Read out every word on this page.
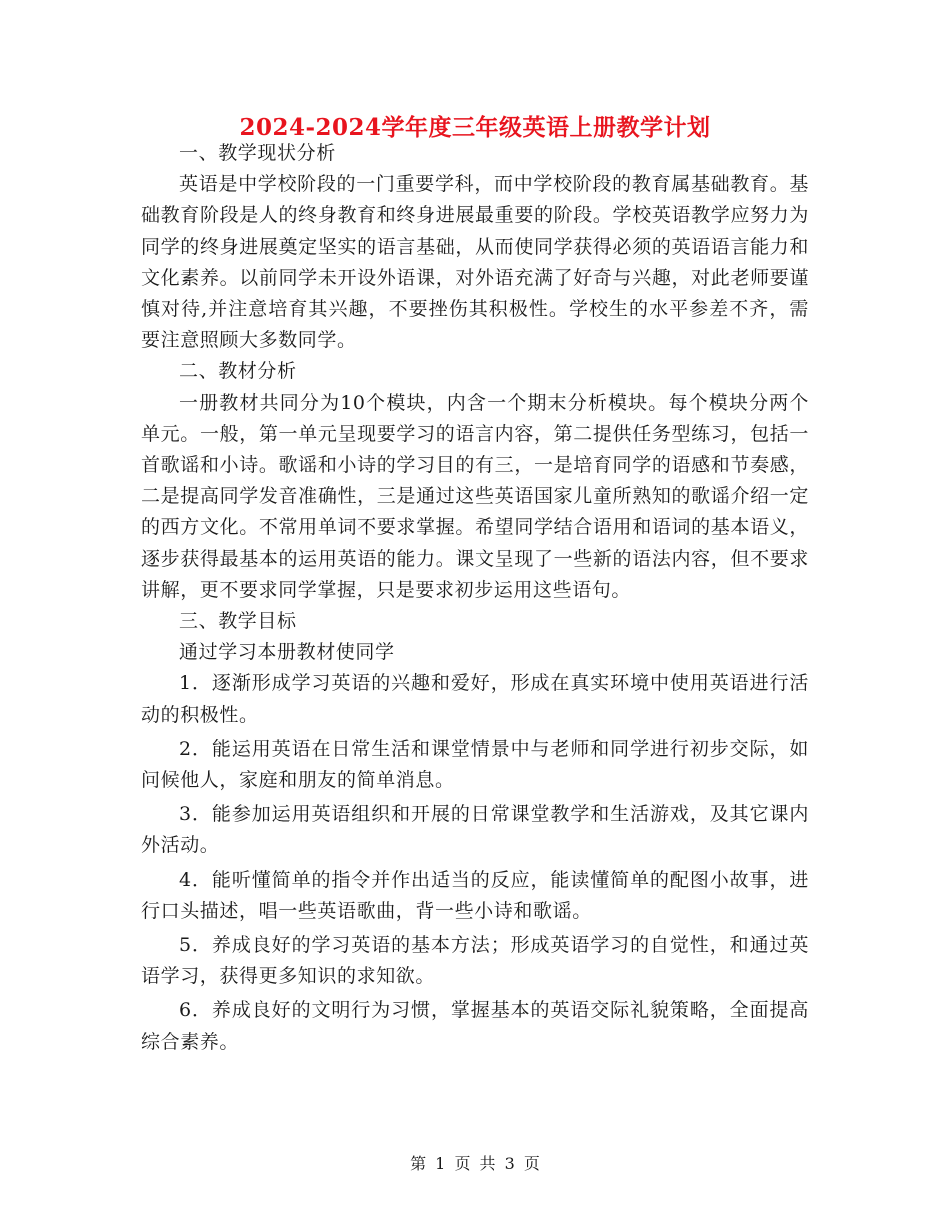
2024-2024学年度三年级英语上册教学计划

一、教学现状分析

英语是中学校阶段的一门重要学科，而中学校阶段的教育属基础教育。基础教育阶段是人的终身教育和终身进展最重要的阶段。学校英语教学应努力为同学的终身进展奠定坚实的语言基础，从而使同学获得必须的英语语言能力和文化素养。以前同学未开设外语课，对外语充满了好奇与兴趣，对此老师要谨慎对待,并注意培育其兴趣，不要挫伤其积极性。学校生的水平参差不齐，需要注意照顾大多数同学。

二、教材分析

一册教材共同分为10个模块，内含一个期末分析模块。每个模块分两个单元。一般，第一单元呈现要学习的语言内容，第二提供任务型练习，包括一首歌谣和小诗。歌谣和小诗的学习目的有三，一是培育同学的语感和节奏感，二是提高同学发音准确性，三是通过这些英语国家儿童所熟知的歌谣介绍一定的西方文化。不常用单词不要求掌握。希望同学结合语用和语词的基本语义，逐步获得最基本的运用英语的能力。课文呈现了一些新的语法内容，但不要求讲解，更不要求同学掌握，只是要求初步运用这些语句。

三、教学目标

通过学习本册教材使同学

1．逐渐形成学习英语的兴趣和爱好，形成在真实环境中使用英语进行活动的积极性。

2．能运用英语在日常生活和课堂情景中与老师和同学进行初步交际，如问候他人，家庭和朋友的简单消息。

3．能参加运用英语组织和开展的日常课堂教学和生活游戏，及其它课内外活动。

4．能听懂简单的指令并作出适当的反应，能读懂简单的配图小故事，进行口头描述，唱一些英语歌曲，背一些小诗和歌谣。

5．养成良好的学习英语的基本方法；形成英语学习的自觉性，和通过英语学习，获得更多知识的求知欲。

6．养成良好的文明行为习惯，掌握基本的英语交际礼貌策略，全面提高综合素养。

第 1 页 共 3 页
